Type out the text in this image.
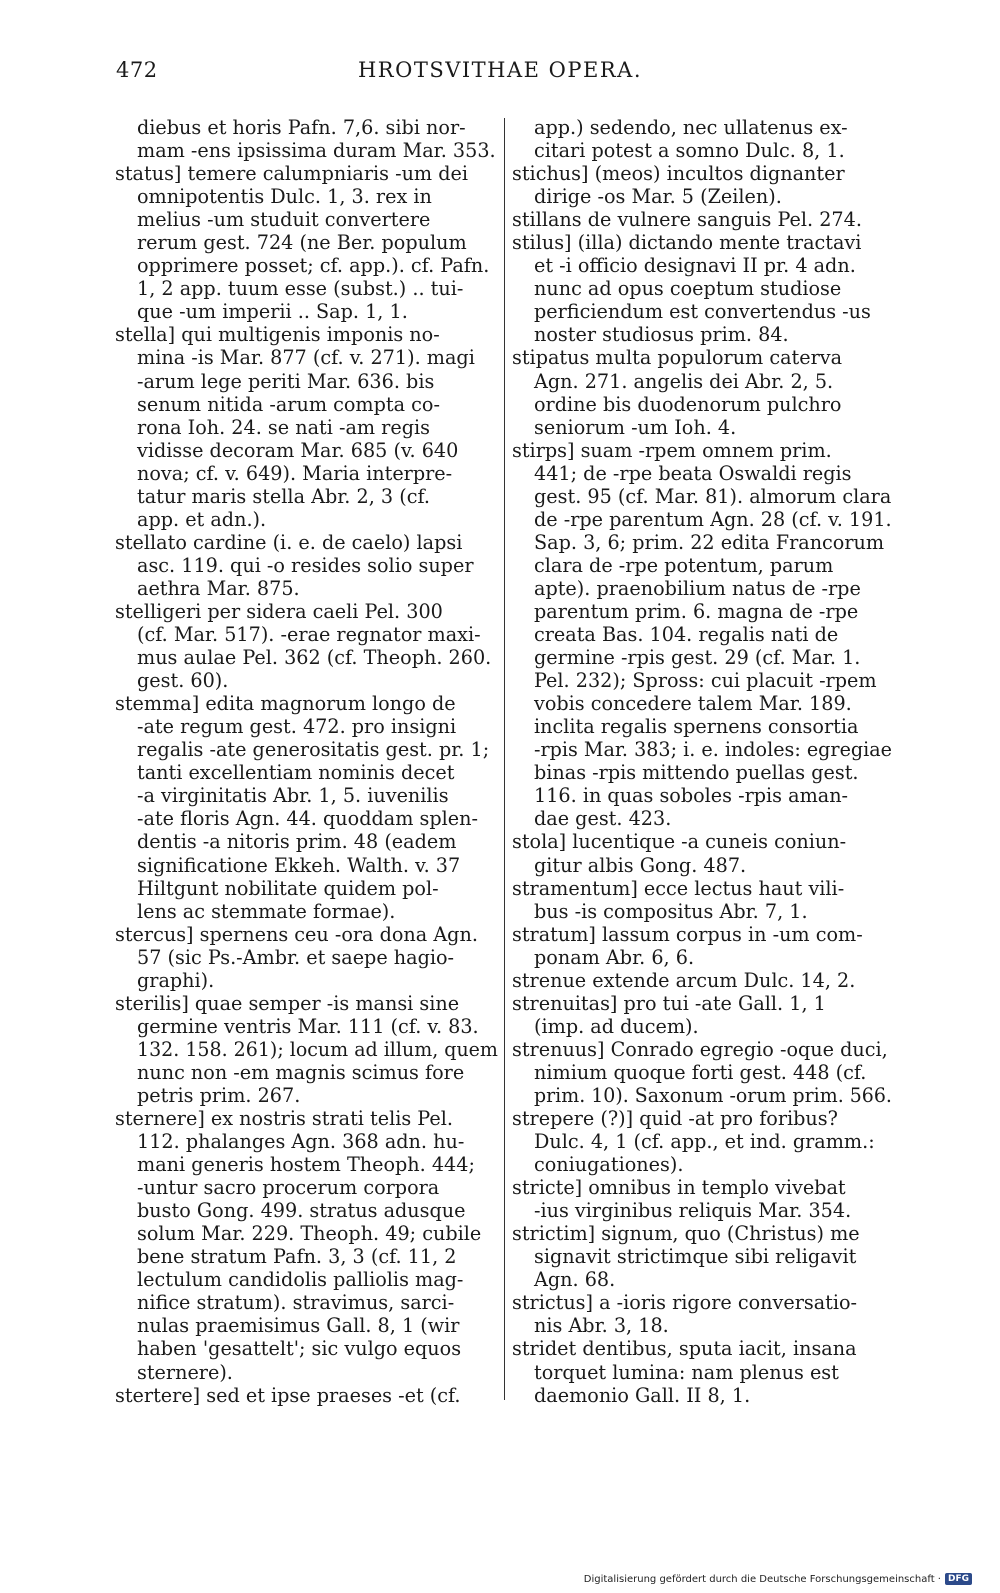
472	HROTSVITHAE OPERA.
diebus et horis Pafn. 7,6. sibi nor-
mam -ens ipsissima duram Mar. 353.
status] temere calumpniaris -um dei
omnipotentis Dulc. 1, 3. rex in
melius -um studuit convertere
rerum gest. 724 (ne Ber. populum
opprimere posset; cf. app.). cf. Pafn.
1, 2 app. tuum esse (subst.) .. tui-
que -um imperii .. Sap. 1, 1.
stella] qui multigenis imponis no-
mina -is Mar. 877 (cf. v. 271). magi
-arum lege periti Mar. 636. bis
senum nitida -arum compta co-
rona Ioh. 24. se nati -am regis
vidisse decoram Mar. 685 (v. 640
nova; cf. v. 649). Maria interpre-
tatur maris stella Abr. 2, 3 (cf.
app. et adn.).
stellato cardine (i. e. de caelo) lapsi
asc. 119. qui -o resides solio super
aethra Mar. 875.
stelligeri per sidera caeli Pel. 300
(cf. Mar. 517). -erae regnator maxi-
mus aulae Pel. 362 (cf. Theoph. 260.
gest. 60).
stemma] edita magnorum longo de
-ate regum gest. 472. pro insigni
regalis -ate generositatis gest. pr. 1;
tanti excellentiam nominis decet
-a virginitatis Abr. 1, 5. iuvenilis
-ate floris Agn. 44. quoddam splen-
dentis -a nitoris prim. 48 (eadem
significatione Ekkeh. Walth. v. 37
Hiltgunt nobilitate quidem pol-
lens ac stemmate formae).
stercus] spernens ceu -ora dona Agn.
57 (sic Ps.-Ambr. et saepe hagio-
graphi).
sterilis] quae semper -is mansi sine
germine ventris Mar. 111 (cf. v. 83.
132. 158. 261); locum ad illum, quem
nunc non -em magnis scimus fore
petris prim. 267.
sternere] ex nostris strati telis Pel.
112. phalanges Agn. 368 adn. hu-
mani generis hostem Theoph. 444;
-untur sacro procerum corpora
busto Gong. 499. stratus adusque
solum Mar. 229. Theoph. 49; cubile
bene stratum Pafn. 3, 3 (cf. 11, 2
lectulum candidolis palliolis mag-
nifice stratum). stravimus, sarci-
nulas praemisimus Gall. 8, 1 (wir
haben 'gesattelt'; sic vulgo equos
sternere).
stertere] sed et ipse praeses -et (cf.
app.) sedendo, nec ullatenus ex-
citari potest a somno Dulc. 8, 1.
stichus] (meos) incultos dignanter
dirige -os Mar. 5 (Zeilen).
stillans de vulnere sanguis Pel. 274.
stilus] (illa) dictando mente tractavi
et -i officio designavi II pr. 4 adn.
nunc ad opus coeptum studiose
perficiendum est convertendus -us
noster studiosus prim. 84.
stipatus multa populorum caterva
Agn. 271. angelis dei Abr. 2, 5.
ordine bis duodenorum pulchro
seniorum -um Ioh. 4.
stirps] suam -rpem omnem prim.
441; de -rpe beata Oswaldi regis
gest. 95 (cf. Mar. 81). almorum clara
de -rpe parentum Agn. 28 (cf. v. 191.
Sap. 3, 6; prim. 22 edita Francorum
clara de -rpe potentum, parum
apte). praenobilium natus de -rpe
parentum prim. 6. magna de -rpe
creata Bas. 104. regalis nati de
germine -rpis gest. 29 (cf. Mar. 1.
Pel. 232); Spross: cui placuit -rpem
vobis concedere talem Mar. 189.
inclita regalis spernens consortia
-rpis Mar. 383; i. e. indoles: egregiae
binas -rpis mittendo puellas gest.
116. in quas soboles -rpis aman-
dae gest. 423.
stola] lucentique -a cuneis coniun-
gitur albis Gong. 487.
stramentum] ecce lectus haut vili-
bus -is compositus Abr. 7, 1.
stratum] lassum corpus in -um com-
ponam Abr. 6, 6.
strenue extende arcum Dulc. 14, 2.
strenuitas] pro tui -ate Gall. 1, 1
(imp. ad ducem).
strenuus] Conrado egregio -oque duci,
nimium quoque forti gest. 448 (cf.
prim. 10). Saxonum -orum prim. 566.
strepere (?)] quid -at pro foribus?
Dulc. 4, 1 (cf. app., et ind. gramm.:
coniugationes).
stricte] omnibus in templo vivebat
-ius virginibus reliquis Mar. 354.
strictim] signum, quo (Christus) me
signavit strictimque sibi religavit
Agn. 68.
strictus] a -ioris rigore conversatio-
nis Abr. 3, 18.
stridet dentibus, sputa iacit, insana
torquet lumina: nam plenus est
daemonio Gall. II 8, 1.
Digitalisierung gefördert durch die Deutsche Forschungsgemeinschaft · DFG
